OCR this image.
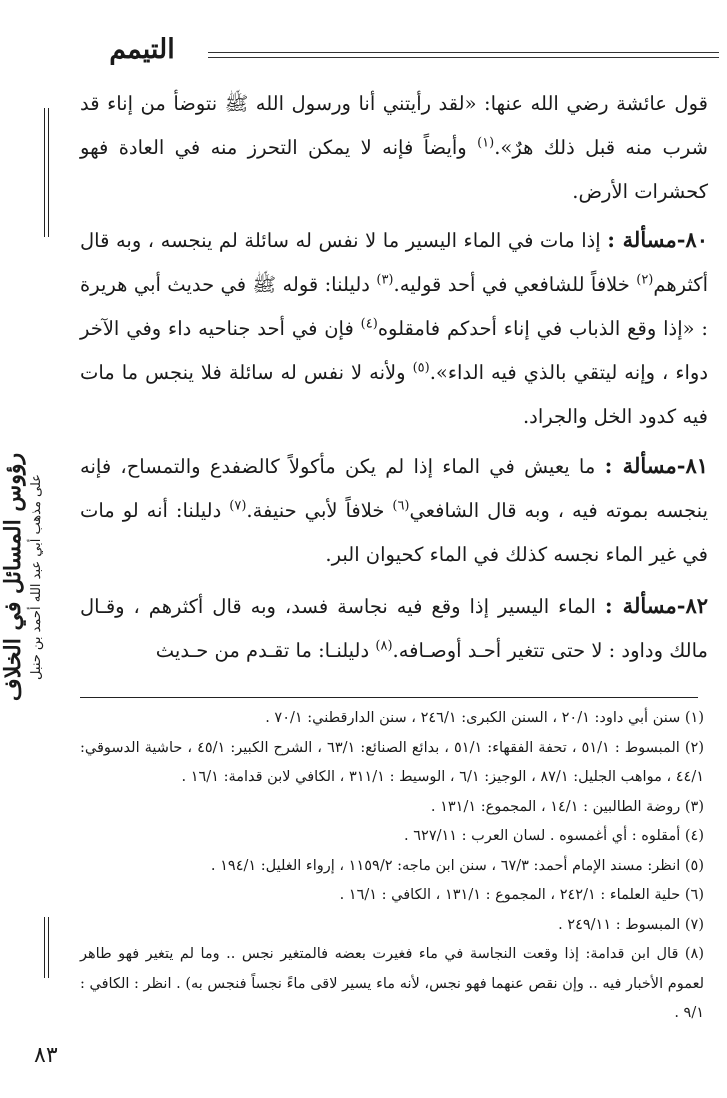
التيمم
رؤوس المسائل في الخلاف على مذهب أبي عبد الله أحمد بن حنبل

قول عائشة رضي الله عنها: «لقد رأيتني أنا ورسول الله ﷺ نتوضأ من إناء قد شرب منه قبل ذلك هرٌ».$^{(١)}$ وأيضاً فإنه لا يمكن التحرز منه في العادة فهو كحشرات الأرض.

٨٠-مسألة : إذا مات في الماء اليسير ما لا نفس له سائلة لم ينجسه ، وبه قال أكثرهم$^{(٢)}$ خلافاً للشافعي في أحد قوليه.$^{(٣)}$ دليلنا: قوله ﷺ في حديث أبي هريرة : «إذا وقع الذباب في إناء أحدكم فامقلوه$^{(٤)}$ فإن في أحد جناحيه داء وفي الآخر دواء ، وإنه ليتقي بالذي فيه الداء».$^{(٥)}$ ولأنه لا نفس له سائلة فلا ينجس ما مات فيه كدود الخل والجراد.

٨١-مسألة : ما يعيش في الماء إذا لم يكن مأكولاً كالضفدع والتمساح، فإنه ينجسه بموته فيه ، وبه قال الشافعي$^{(٦)}$ خلافاً لأبي حنيفة.$^{(٧)}$ دليلنا: أنه لو مات في غير الماء نجسه كذلك في الماء كحيوان البر.

٨٢-مسألة : الماء اليسير إذا وقع فيه نجاسة فسد، وبه قال أكثرهم ، وقـال مالك وداود : لا حتى تتغير أحـد أوصـافه.$^{(٨)}$ دليلنـا: ما تقـدم من حـديث

(١) سنن أبي داود: ٢٠/١ ، السنن الكبرى: ٢٤٦/١ ، سنن الدارقطني: ٧٠/١ .

(٢) المبسوط : ٥١/١ ، تحفة الفقهاء: ٥١/١ ، بدائع الصنائع: ٦٣/١ ، الشرح الكبير: ٤٥/١ ، حاشية الدسوقي: ٤٤/١ ، مواهب الجليل: ٨٧/١ ، الوجيز: ٦/١ ، الوسيط : ٣١١/١ ، الكافي لابن قدامة: ١٦/١ .

(٣) روضة الطالبين : ١٤/١ ، المجموع: ١٣١/١ .

(٤) أمقلوه : أي أغمسوه . لسان العرب : ٦٢٧/١١ .

(٥) انظر: مسند الإمام أحمد: ٦٧/٣ ، سنن ابن ماجه: ١١٥٩/٢ ، إرواء الغليل: ١٩٤/١ .

(٦) حلية العلماء : ٢٤٢/١ ، المجموع : ١٣١/١ ، الكافي : ١٦/١ .

(٧) المبسوط : ٢٤٩/١١ .

(٨) قال ابن قدامة: إذا وقعت النجاسة في ماء فغيرت بعضه فالمتغير نجس .. وما لم يتغير فهو طاهر لعموم الأخبار فيه .. وإن نقص عنهما فهو نجس، لأنه ماء يسير لاقى ماءً نجساً فنجس به) . انظر : الكافي : ٩/١ .

٨٣
